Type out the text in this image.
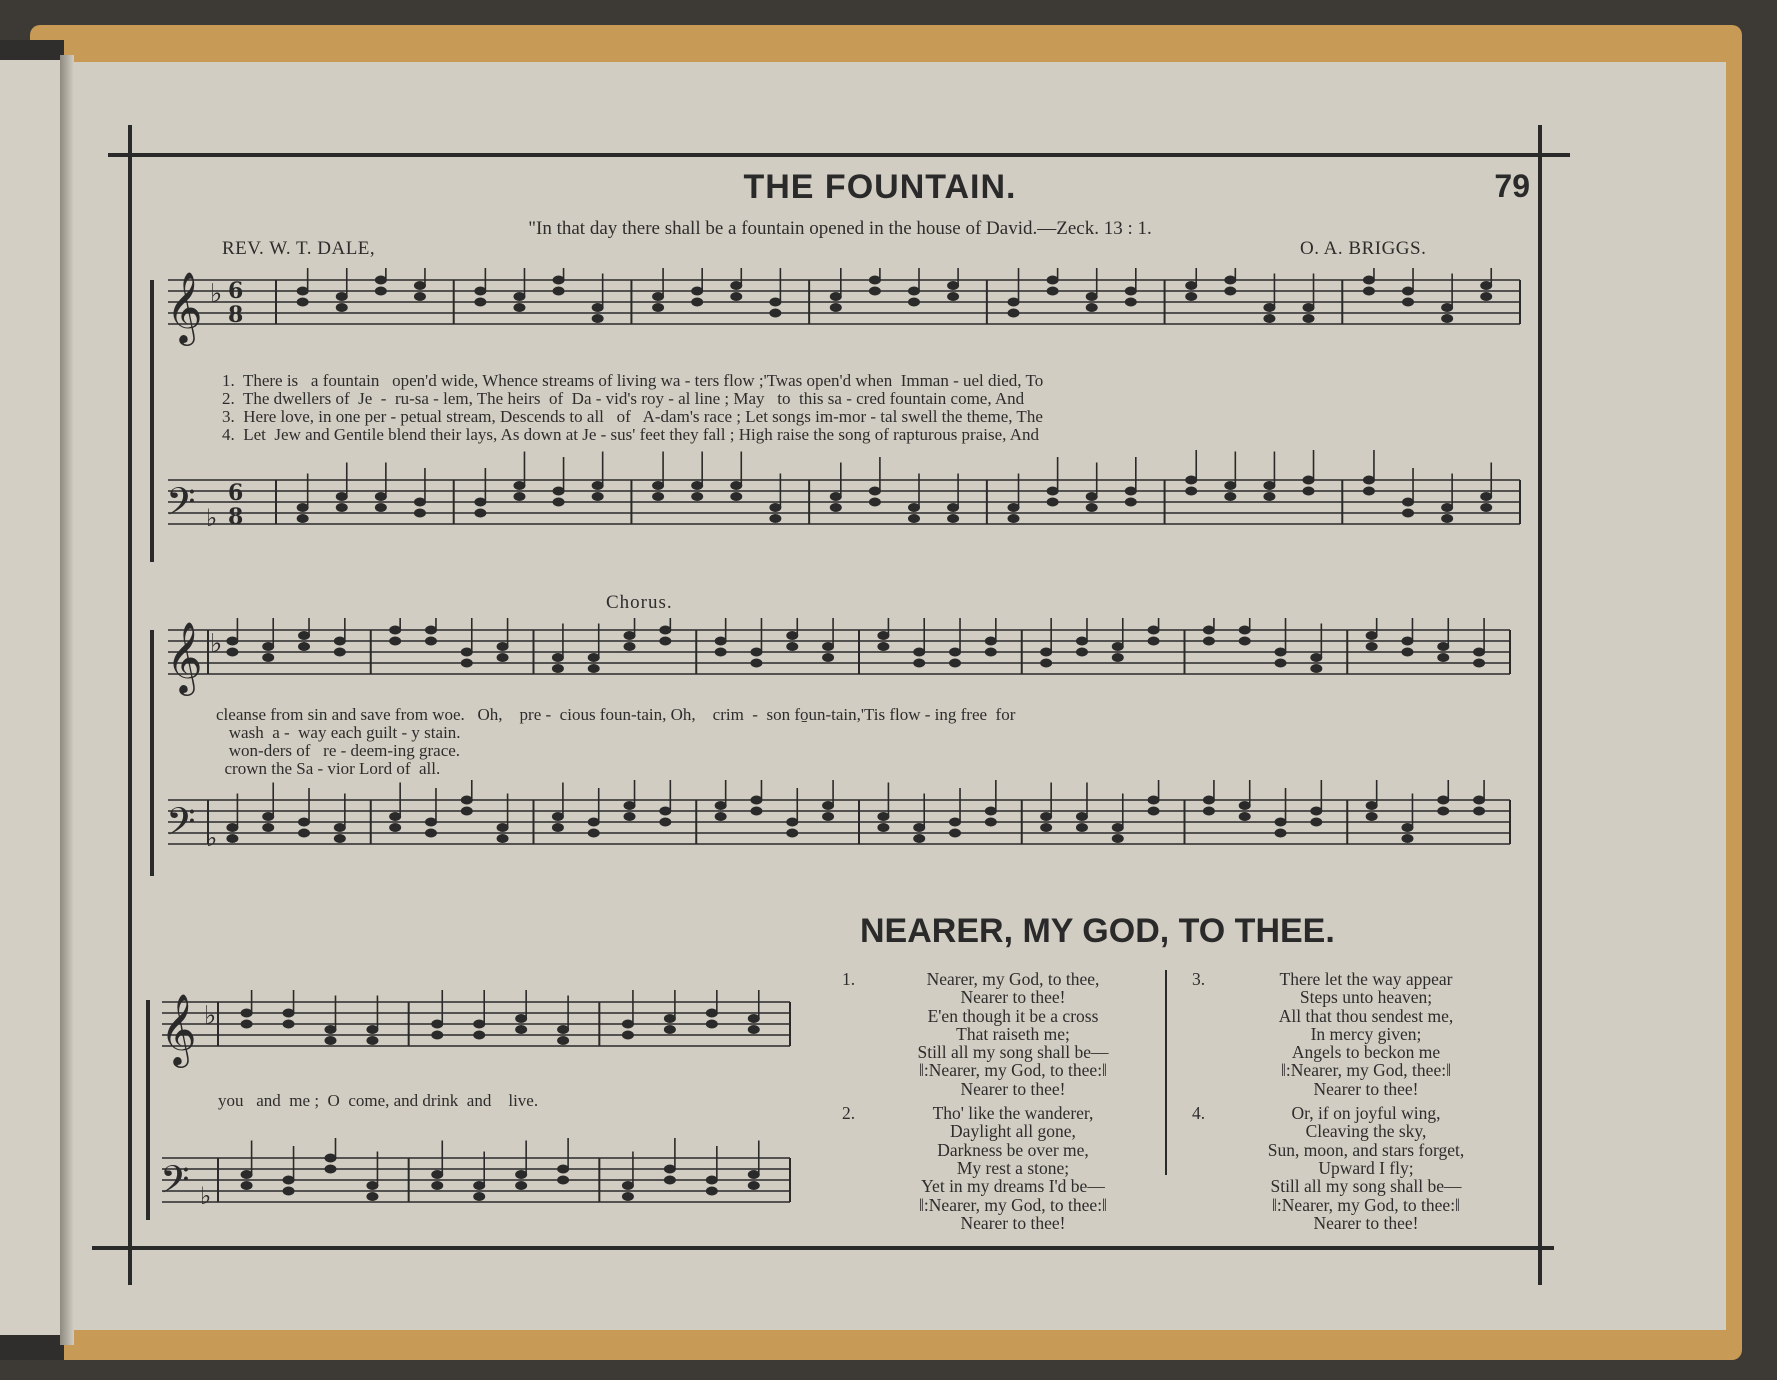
THE FOUNTAIN.	79
"In that day there shall be a fountain opened in the house of David.—Zeck. 13 : 1.
REV. W. T. DALE,	O. A. BRIGGS.
𝄞 ♭ 6
8
𝄢 ♭
6
8
1.  There is   a fountain   open'd wide, Whence streams of living wa - ters flow ;'Twas open'd when  Imman - uel died, To
2.  The dwellers of  Je  -  ru-sa - lem, The heirs  of  Da - vid's roy - al line ; May   to  this sa - cred fountain come, And
3.  Here love, in one per - petual stream, Descends to all   of   A-dam's race ; Let songs im-mor - tal swell the theme, The
4.  Let  Jew and Gentile blend their lays, As down at Je - sus' feet they fall ; High raise the song of rapturous praise, And
Chorus.
𝄞 ♭
cleanse from sin and save from woe.   Oh,    pre -  cious foun-tain, Oh,    crim  -  son fo̱un-tain,'Tis flow - ing free  for
wash  a -  way each guilt - y stain.
won-ders of   re - deem-ing grace.
crown the Sa - vior Lord of  all.
𝄢 ♭
𝄞 ♭
you   and  me ;  O  come, and drink  and    live.
𝄢 ♭
NEARER, MY GOD, TO THEE.
1.	Nearer, my God, to thee,
Nearer to thee!
E'en though it be a cross
That raiseth me;
Still all my song shall be—
‖:Nearer, my God, to thee:‖
Nearer to thee!
2.	Tho' like the wanderer,
Daylight all gone,
Darkness be over me,
My rest a stone;
Yet in my dreams I'd be—
‖:Nearer, my God, to thee:‖
Nearer to thee!
3.	There let the way appear
Steps unto heaven;
All that thou sendest me,
In mercy given;
Angels to beckon me
‖:Nearer, my God, thee:‖
Nearer to thee!
4.	Or, if on joyful wing,
Cleaving the sky,
Sun, moon, and stars forget,
Upward I fly;
Still all my song shall be—
‖:Nearer, my God, to thee:‖
Nearer to thee!
